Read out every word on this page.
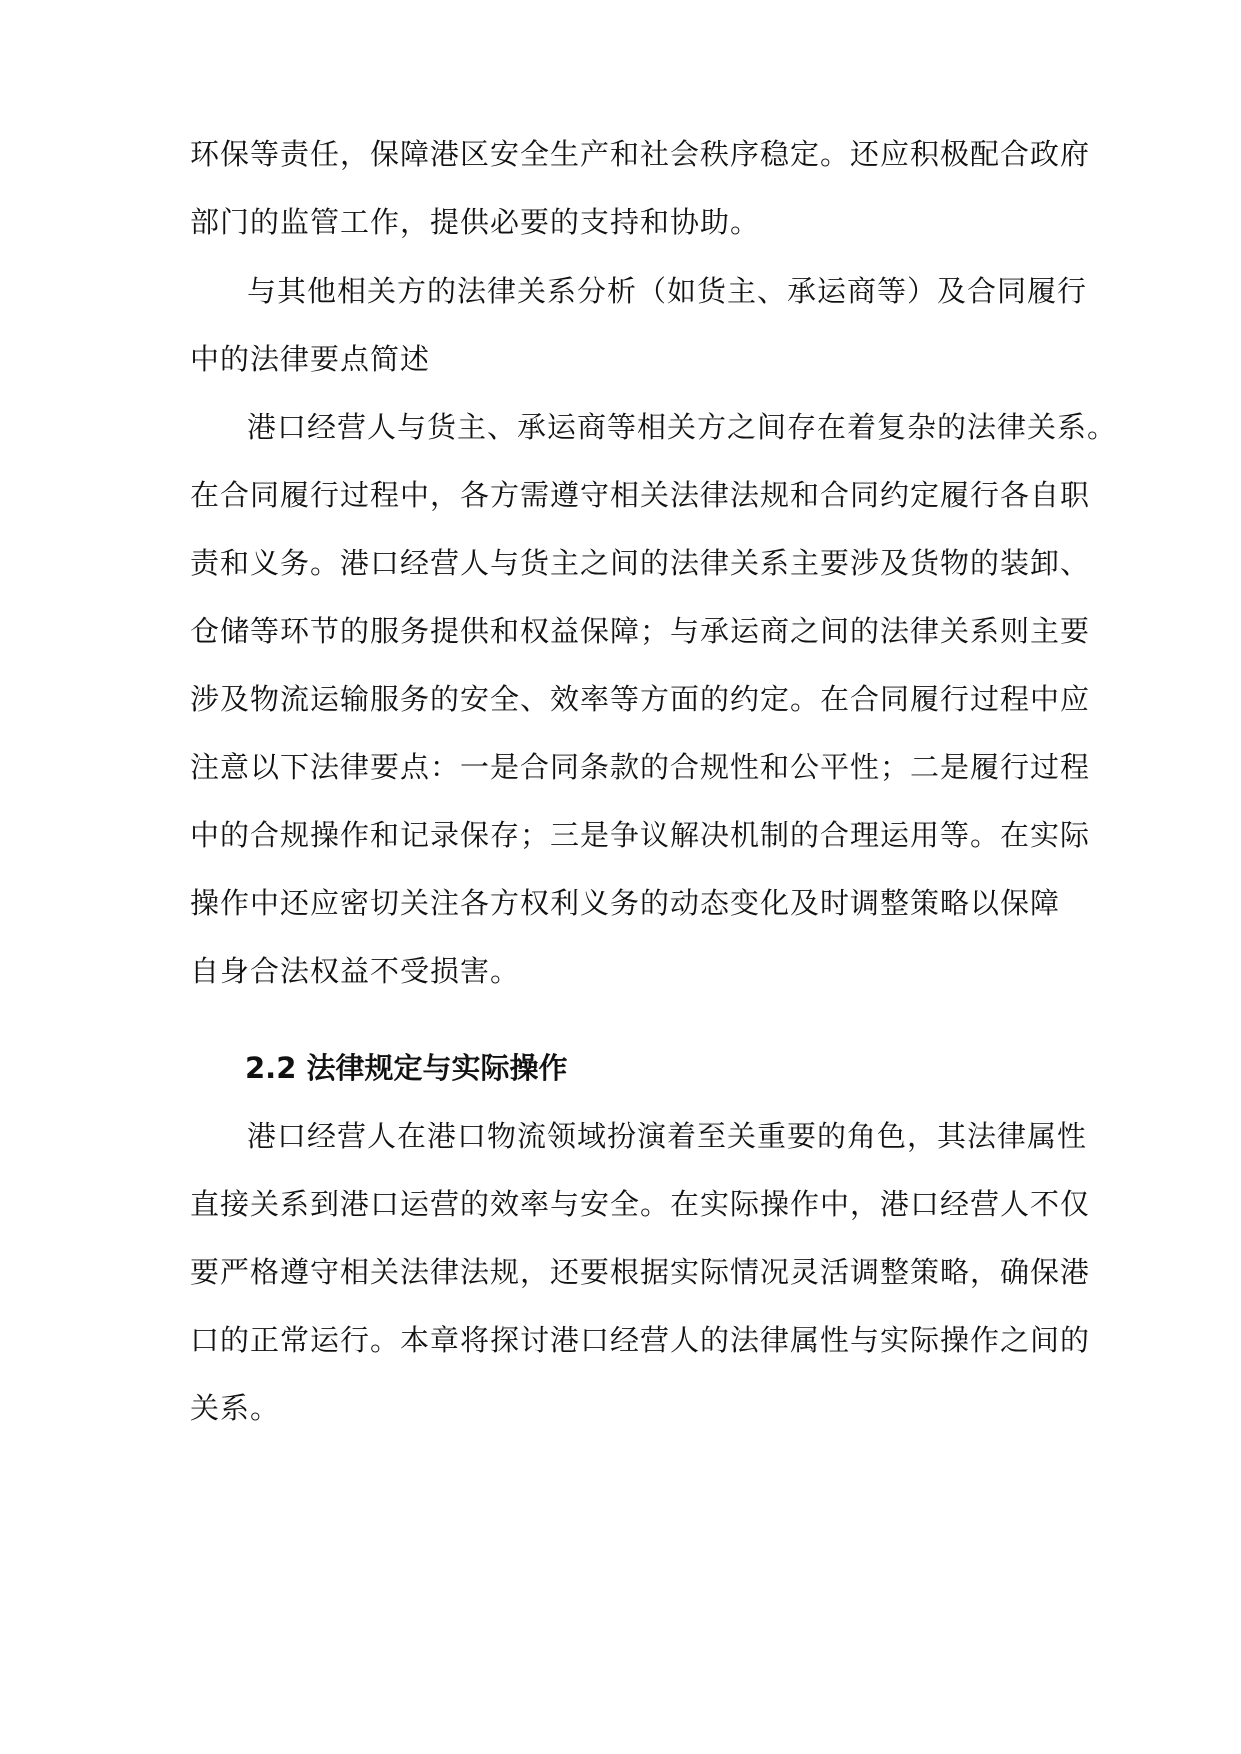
环保等责任，保障港区安全生产和社会秩序稳定。还应积极配合政府
部门的监管工作，提供必要的支持和协助。
与其他相关方的法律关系分析（如货主、承运商等）及合同履行
中的法律要点简述
港口经营人与货主、承运商等相关方之间存在着复杂的法律关系。
在合同履行过程中，各方需遵守相关法律法规和合同约定履行各自职
责和义务。港口经营人与货主之间的法律关系主要涉及货物的装卸、
仓储等环节的服务提供和权益保障；与承运商之间的法律关系则主要
涉及物流运输服务的安全、效率等方面的约定。在合同履行过程中应
注意以下法律要点：一是合同条款的合规性和公平性；二是履行过程
中的合规操作和记录保存；三是争议解决机制的合理运用等。在实际
操作中还应密切关注各方权利义务的动态变化及时调整策略以保障
自身合法权益不受损害。
2.2 法律规定与实际操作
港口经营人在港口物流领域扮演着至关重要的角色，其法律属性
直接关系到港口运营的效率与安全。在实际操作中，港口经营人不仅
要严格遵守相关法律法规，还要根据实际情况灵活调整策略，确保港
口的正常运行。本章将探讨港口经营人的法律属性与实际操作之间的
关系。
